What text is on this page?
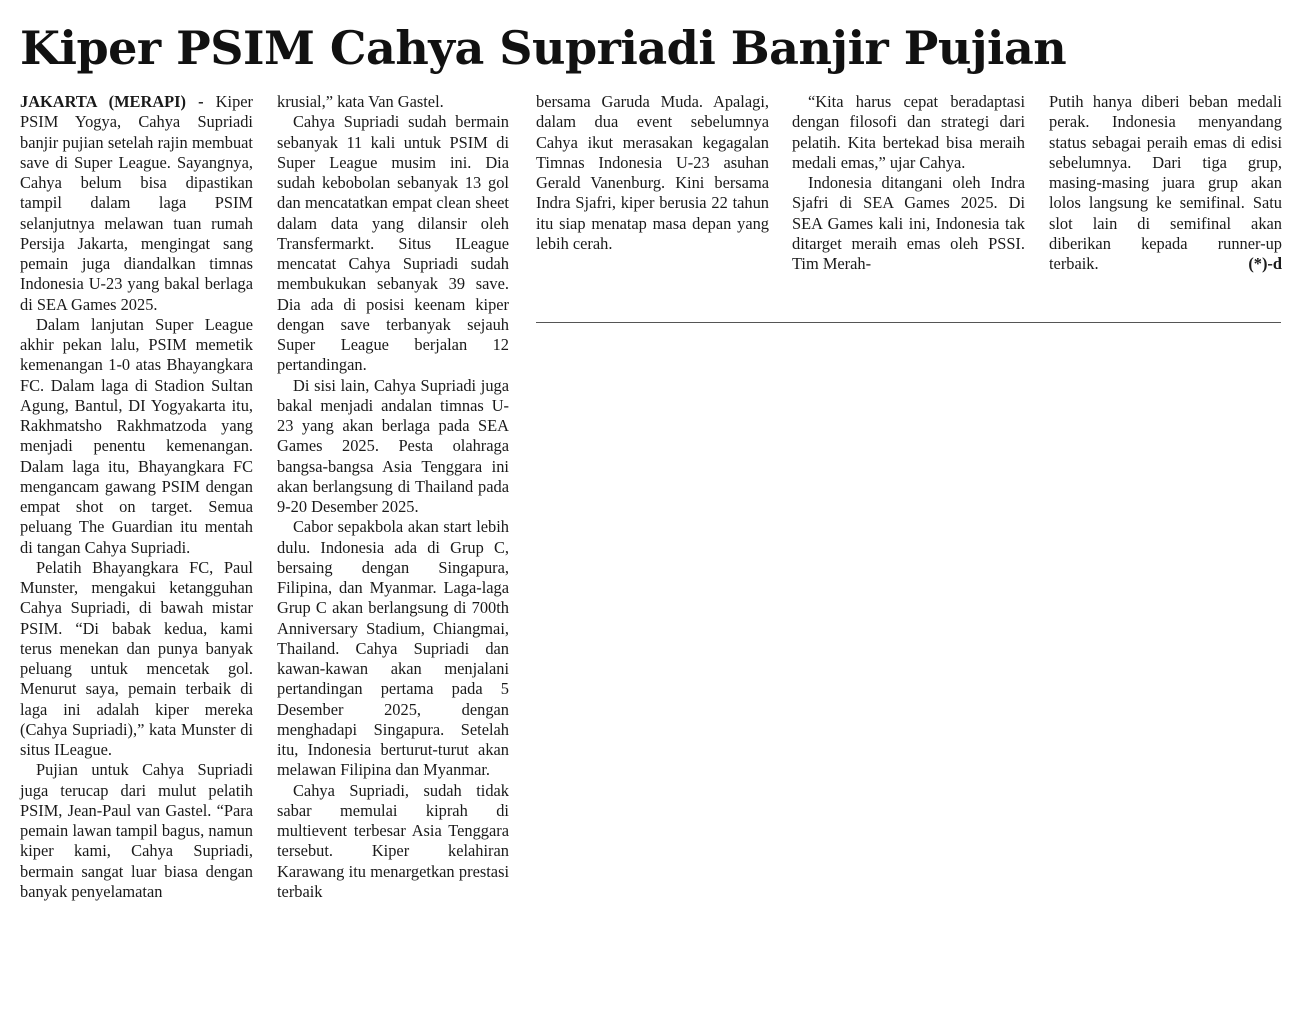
Kiper PSIM Cahya Supriadi Banjir Pujian

JAKARTA (MERAPI) - Kiper PSIM Yogya, Cahya Supriadi banjir pujian setelah rajin membuat save di Super League. Sayangnya, Cahya belum bisa dipastikan tampil dalam laga PSIM selanjutnya melawan tuan rumah Persija Jakarta, mengingat sang pemain juga diandalkan timnas Indonesia U-23 yang bakal berlaga di SEA Games 2025.

Dalam lanjutan Super League akhir pekan lalu, PSIM memetik kemenangan 1-0 atas Bhayangkara FC. Dalam laga di Stadion Sultan Agung, Bantul, DI Yogyakarta itu, Rakhmatsho Rakhmatzoda yang menjadi penentu kemenangan. Dalam laga itu, Bhayangkara FC mengancam gawang PSIM dengan empat shot on target. Semua peluang The Guardian itu mentah di tangan Cahya Supriadi.

Pelatih Bhayangkara FC, Paul Munster, mengakui ketangguhan Cahya Supriadi, di bawah mistar PSIM. “Di babak kedua, kami terus menekan dan punya banyak peluang untuk mencetak gol. Menurut saya, pemain terbaik di laga ini adalah kiper mereka (Cahya Supriadi),” kata Munster di situs ILeague.

Pujian untuk Cahya Supriadi juga terucap dari mulut pelatih PSIM, Jean-Paul van Gastel. “Para pemain lawan tampil bagus, namun kiper kami, Cahya Supriadi, bermain sangat luar biasa dengan banyak penyelamatan

krusial,” kata Van Gastel.

Cahya Supriadi sudah bermain sebanyak 11 kali untuk PSIM di Super League musim ini. Dia sudah kebobolan sebanyak 13 gol dan mencatatkan empat clean sheet dalam data yang dilansir oleh Transfermarkt. Situs ILeague mencatat Cahya Supriadi sudah membukukan sebanyak 39 save. Dia ada di posisi keenam kiper dengan save terbanyak sejauh Super League berjalan 12 pertandingan.

Di sisi lain, Cahya Supriadi juga bakal menjadi andalan timnas U-23 yang akan berlaga pada SEA Games 2025. Pesta olahraga bangsa-bangsa Asia Tenggara ini akan berlangsung di Thailand pada 9-20 Desember 2025.

Cabor sepakbola akan start lebih dulu. Indonesia ada di Grup C, bersaing dengan Singapura, Filipina, dan Myanmar. Laga-laga Grup C akan berlangsung di 700th Anniversary Stadium, Chiangmai, Thailand. Cahya Supriadi dan kawan-kawan akan menjalani pertandingan pertama pada 5 Desember 2025, dengan menghadapi Singapura. Setelah itu, Indonesia berturut-turut akan melawan Filipina dan Myanmar.

Cahya Supriadi, sudah tidak sabar memulai kiprah di multievent terbesar Asia Tenggara tersebut. Kiper kelahiran Karawang itu menargetkan prestasi terbaik

bersama Garuda Muda. Apalagi, dalam dua event sebelumnya Cahya ikut merasakan kegagalan Timnas Indonesia U-23 asuhan Gerald Vanenburg. Kini bersama Indra Sjafri, kiper berusia 22 tahun itu siap menatap masa depan yang lebih cerah.

“Kita harus cepat beradaptasi dengan filosofi dan strategi dari pelatih. Kita bertekad bisa meraih medali emas,” ujar Cahya.

Indonesia ditangani oleh Indra Sjafri di SEA Games 2025. Di SEA Games kali ini, Indonesia tak ditarget meraih emas oleh PSSI. Tim Merah-

Putih hanya diberi beban medali perak. Indonesia menyandang status sebagai peraih emas di edisi sebelumnya. Dari tiga grup, masing-masing juara grup akan lolos langsung ke semifinal. Satu slot lain di semifinal akan diberikan kepada runner-up terbaik.	(*)-d
